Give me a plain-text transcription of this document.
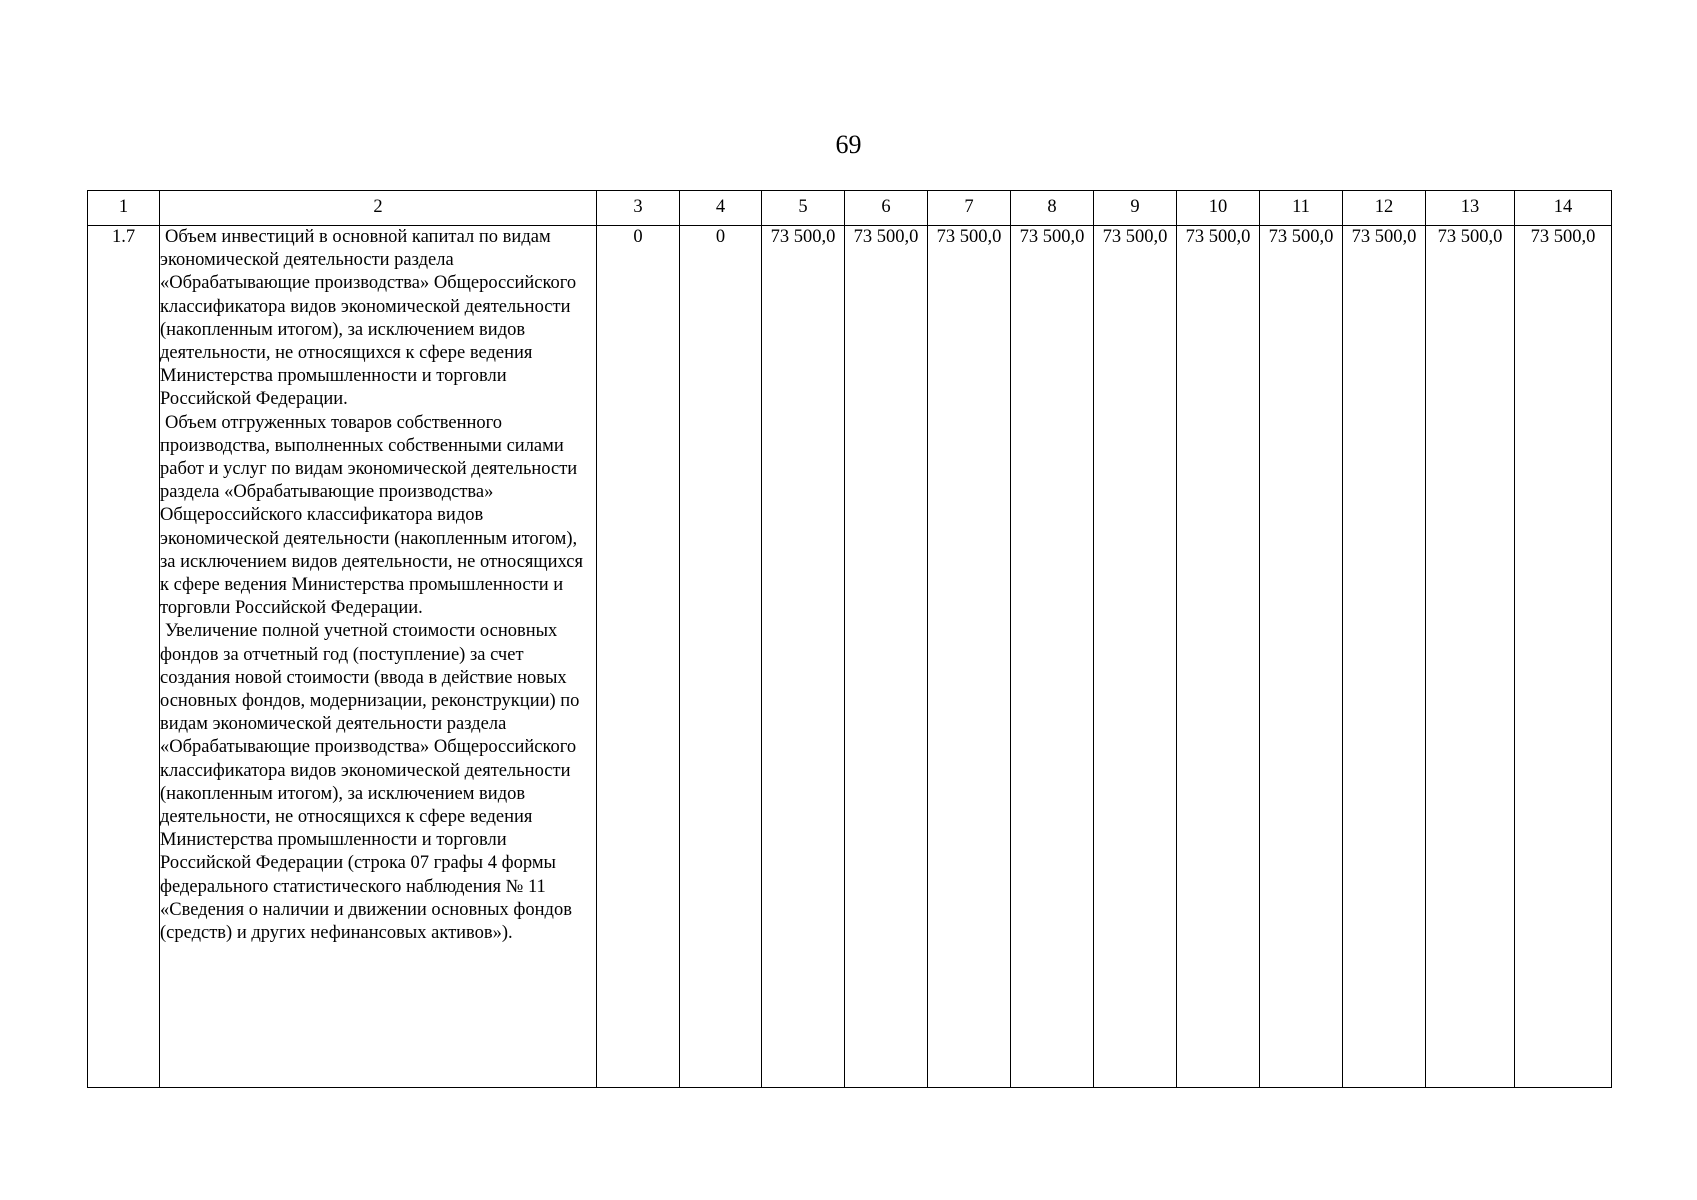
69
1	2	3	4	5	6	7	8	9	10	11	12	13	14
1.7	Объем инвестиций в основной капитал по видам экономической деятельности раздела «Обрабатывающие производства» Общероссийского классификатора видов экономической деятельности (накопленным итогом), за исключением видов деятельности, не относящихся к сфере ведения Министерства промышленности и торговли Российской Федерации.

Объем отгруженных товаров собственного производства, выполненных собственными силами работ и услуг по видам экономической деятельности раздела «Обрабатывающие производства» Общероссийского классификатора видов экономической деятельности (накопленным итогом), за исключением видов деятельности, не относящихся к сфере ведения Министерства промышленности и торговли Российской Федерации.

Увеличение полной учетной стоимости основных фондов за отчетный год (поступление) за счет создания новой стоимости (ввода в действие новых основных фондов, модернизации, реконструкции) по видам экономической деятельности раздела «Обрабатывающие производства» Общероссийского классификатора видов экономической деятельности (накопленным итогом), за исключением видов деятельности, не относящихся к сфере ведения Министерства промышленности и торговли Российской Федерации (строка 07 графы 4 формы федерального статистического наблюдения № 11 «Сведения о наличии и движении основных фондов (средств) и других нефинансовых активов»).	0	0	73 500,0	73 500,0	73 500,0	73 500,0	73 500,0	73 500,0	73 500,0	73 500,0	73 500,0	73 500,0
